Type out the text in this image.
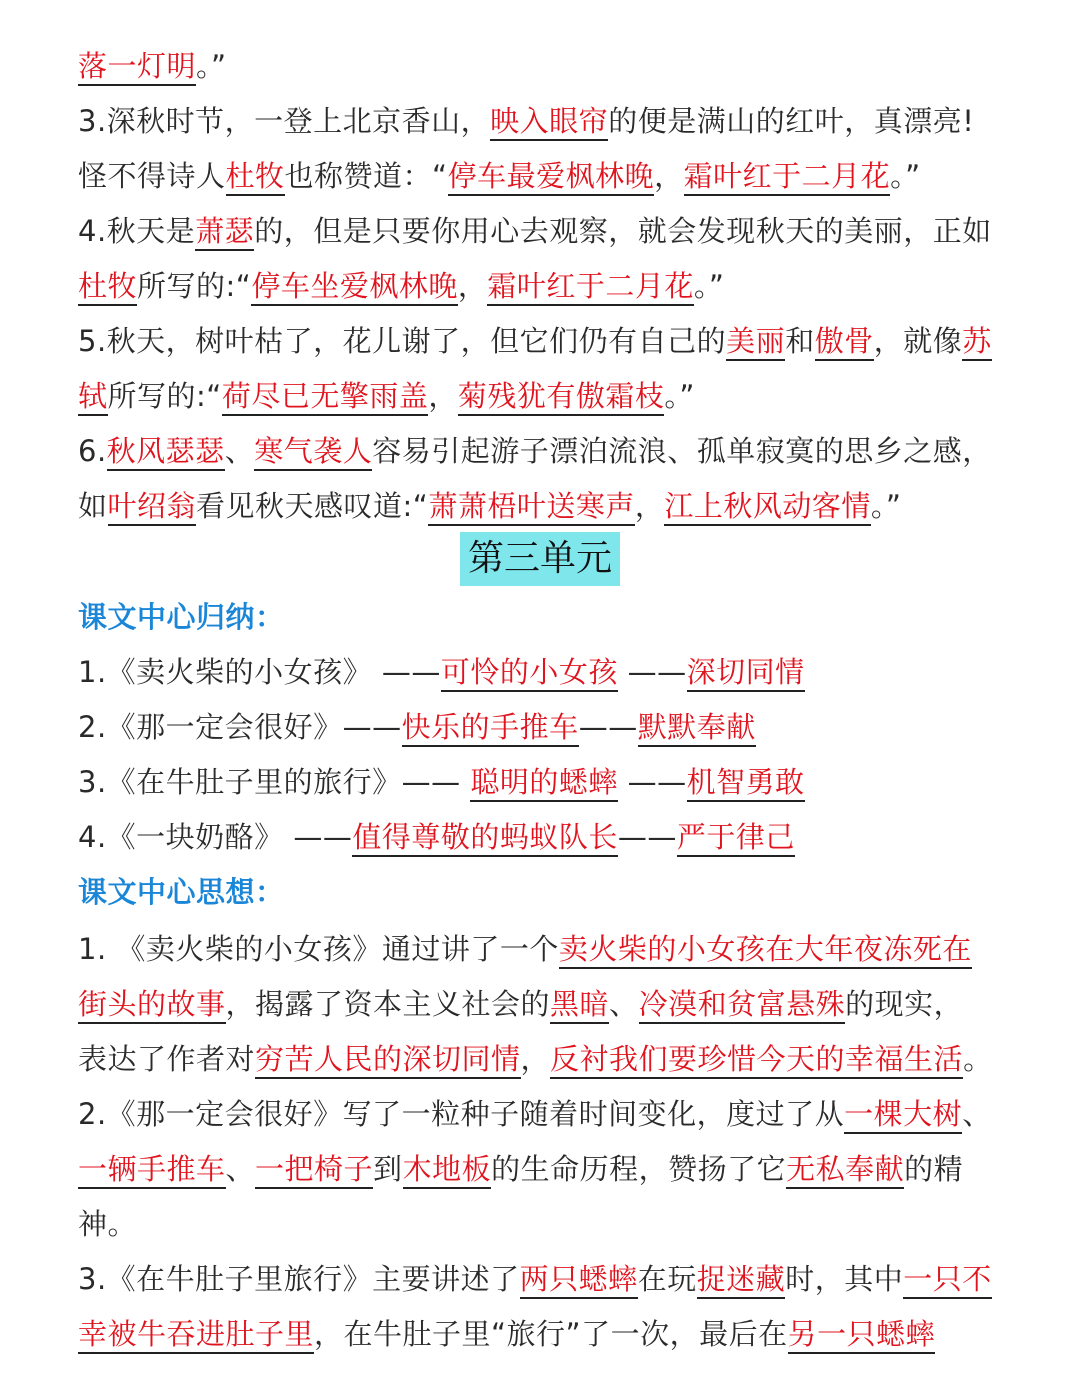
落一灯明。”
3.深秋时节，一登上北京香山，映入眼帘的便是满山的红叶，真漂亮!
怪不得诗人杜牧也称赞道：“停车最爱枫林晚，霜叶红于二月花。”
4.秋天是萧瑟的，但是只要你用心去观察，就会发现秋天的美丽，正如
杜牧所写的:“停车坐爱枫林晚，霜叶红于二月花。”
5.秋天，树叶枯了，花儿谢了，但它们仍有自己的美丽和傲骨，就像苏
轼所写的:“荷尽已无擎雨盖，菊残犹有傲霜枝。”
6.秋风瑟瑟、寒气袭人容易引起游子漂泊流浪、孤单寂寞的思乡之感，
如叶绍翁看见秋天感叹道:“萧萧梧叶送寒声，江上秋风动客情。”
第三单元
课文中心归纳：
1.《卖火柴的小女孩》 ——可怜的小女孩 ——深切同情
2.《那一定会很好》——快乐的手推车——默默奉献
3.《在牛肚子里的旅行》—— 聪明的蟋蟀 ——机智勇敢
4.《一块奶酪》 ——值得尊敬的蚂蚁队长——严于律己
课文中心思想：
1. 《卖火柴的小女孩》通过讲了一个卖火柴的小女孩在大年夜冻死在
街头的故事，揭露了资本主义社会的黑暗、冷漠和贫富悬殊的现实，
表达了作者对穷苦人民的深切同情，反衬我们要珍惜今天的幸福生活。
2.《那一定会很好》写了一粒种子随着时间变化，度过了从一棵大树、
一辆手推车、一把椅子到木地板的生命历程，赞扬了它无私奉献的精
神。
3.《在牛肚子里旅行》主要讲述了两只蟋蟀在玩捉迷藏时，其中一只不
幸被牛吞进肚子里，在牛肚子里“旅行”了一次，最后在另一只蟋蟀
